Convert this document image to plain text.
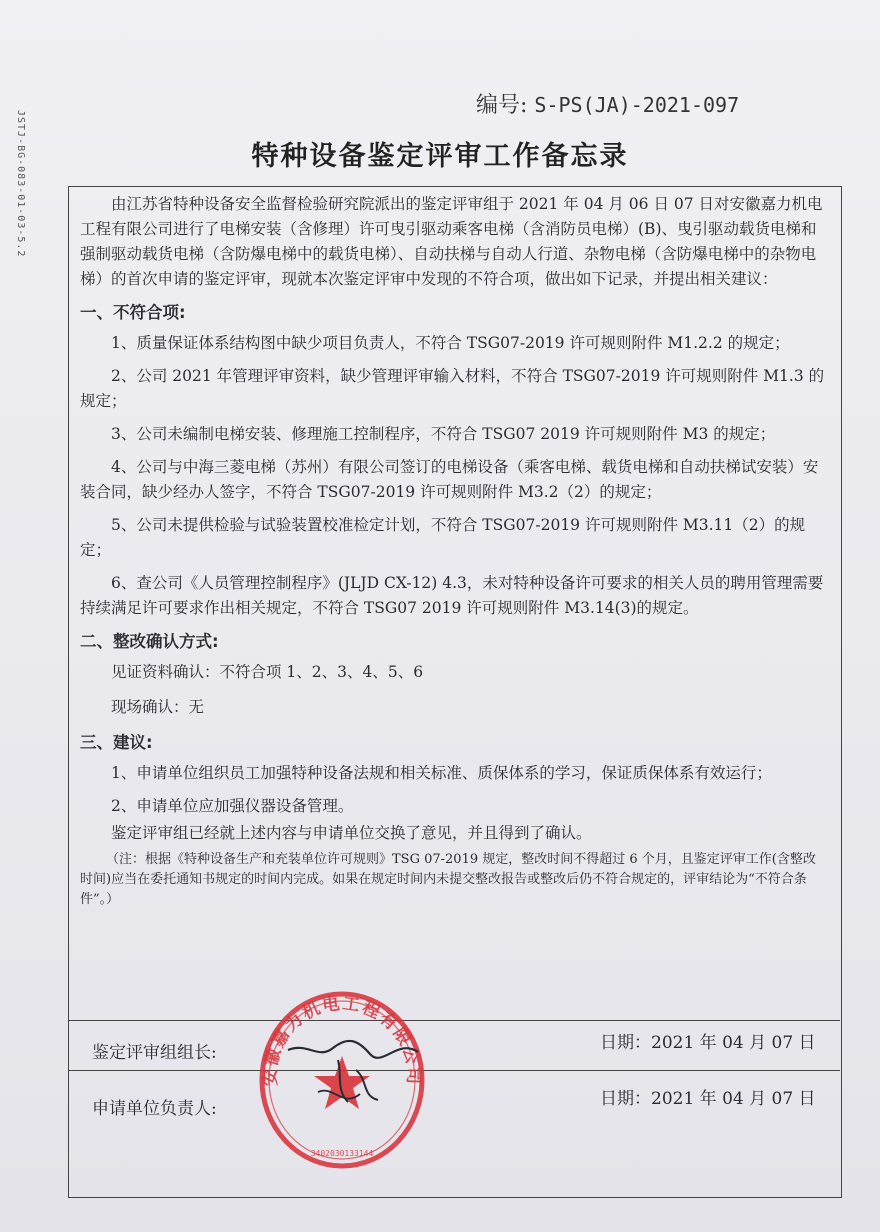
JSTJ-BG-083-01-03-5.2
编号: S-PS(JA)-2021-097
特种设备鉴定评审工作备忘录

由江苏省特种设备安全监督检验研究院派出的鉴定评审组于 2021 年 04 月 06 日 07 日对安徽嘉力机电工程有限公司进行了电梯安装（含修理）许可曳引驱动乘客电梯（含消防员电梯）(B)、曳引驱动载货电梯和强制驱动载货电梯（含防爆电梯中的载货电梯）、自动扶梯与自动人行道、杂物电梯（含防爆电梯中的杂物电梯）的首次申请的鉴定评审，现就本次鉴定评审中发现的不符合项，做出如下记录，并提出相关建议：

一、不符合项:

1、质量保证体系结构图中缺少项目负责人，不符合 TSG07-2019 许可规则附件 M1.2.2 的规定；

2、公司 2021 年管理评审资料，缺少管理评审输入材料，不符合 TSG07-2019 许可规则附件 M1.3 的规定；

3、公司未编制电梯安装、修理施工控制程序，不符合 TSG07 2019 许可规则附件 M3 的规定；

4、公司与中海三菱电梯（苏州）有限公司签订的电梯设备（乘客电梯、载货电梯和自动扶梯试安装）安装合同，缺少经办人签字，不符合 TSG07-2019 许可规则附件 M3.2（2）的规定；

5、公司未提供检验与试验装置校准检定计划，不符合 TSG07-2019 许可规则附件 M3.11（2）的规定；

6、查公司《人员管理控制程序》(JLJD CX-12) 4.3，未对特种设备许可要求的相关人员的聘用管理需要持续满足许可要求作出相关规定，不符合 TSG07 2019 许可规则附件 M3.14(3)的规定。

二、整改确认方式:

见证资料确认：不符合项 1、2、3、4、5、6

现场确认：无

三、建议:

1、申请单位组织员工加强特种设备法规和相关标准、质保体系的学习，保证质保体系有效运行；

2、申请单位应加强仪器设备管理。

鉴定评审组已经就上述内容与申请单位交换了意见，并且得到了确认。

（注：根据《特种设备生产和充装单位许可规则》TSG 07-2019 规定，整改时间不得超过 6 个月，且鉴定评审工作(含整改时间)应当在委托通知书规定的时间内完成。如果在规定时间内未提交整改报告或整改后仍不符合规定的，评审结论为“不符合条件”。）

鉴定评审组组长:	日期：2021 年 04 月 07 日
申请单位负责人:	日期：2021 年 04 月 07 日
安徽嘉力机电工程有限公司
3402030133144
